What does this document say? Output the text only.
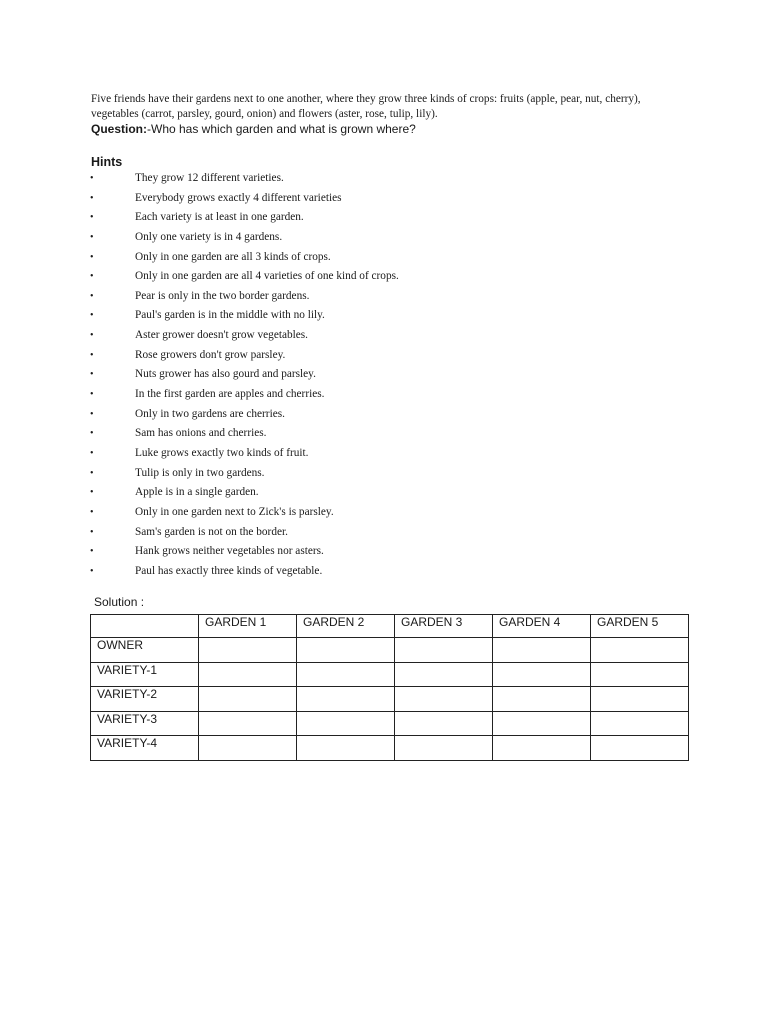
Five friends have their gardens next to one another, where they grow three kinds of crops: fruits (apple, pear, nut, cherry), vegetables (carrot, parsley, gourd, onion) and flowers (aster, rose, tulip, lily).

Question:-Who has which garden and what is grown where?

Hints
•	They grow 12 different varieties.
•	Everybody grows exactly 4 different varieties
•	Each variety is at least in one garden.
•	Only one variety is in 4 gardens.
•	Only in one garden are all 3 kinds of crops.
•	Only in one garden are all 4 varieties of one kind of crops.
•	Pear is only in the two border gardens.
•	Paul's garden is in the middle with no lily.
•	Aster grower doesn't grow vegetables.
•	Rose growers don't grow parsley.
•	Nuts grower has also gourd and parsley.
•	In the first garden are apples and cherries.
•	Only in two gardens are cherries.
•	Sam has onions and cherries.
•	Luke grows exactly two kinds of fruit.
•	Tulip is only in two gardens.
•	Apple is in a single garden.
•	Only in one garden next to Zick's is parsley.
•	Sam's garden is not on the border.
•	Hank grows neither vegetables nor asters.
•	Paul has exactly three kinds of vegetable.

Solution :

	GARDEN 1	GARDEN 2	GARDEN 3	GARDEN 4	GARDEN 5
OWNER					
VARIETY-1					
VARIETY-2					
VARIETY-3					
VARIETY-4					
